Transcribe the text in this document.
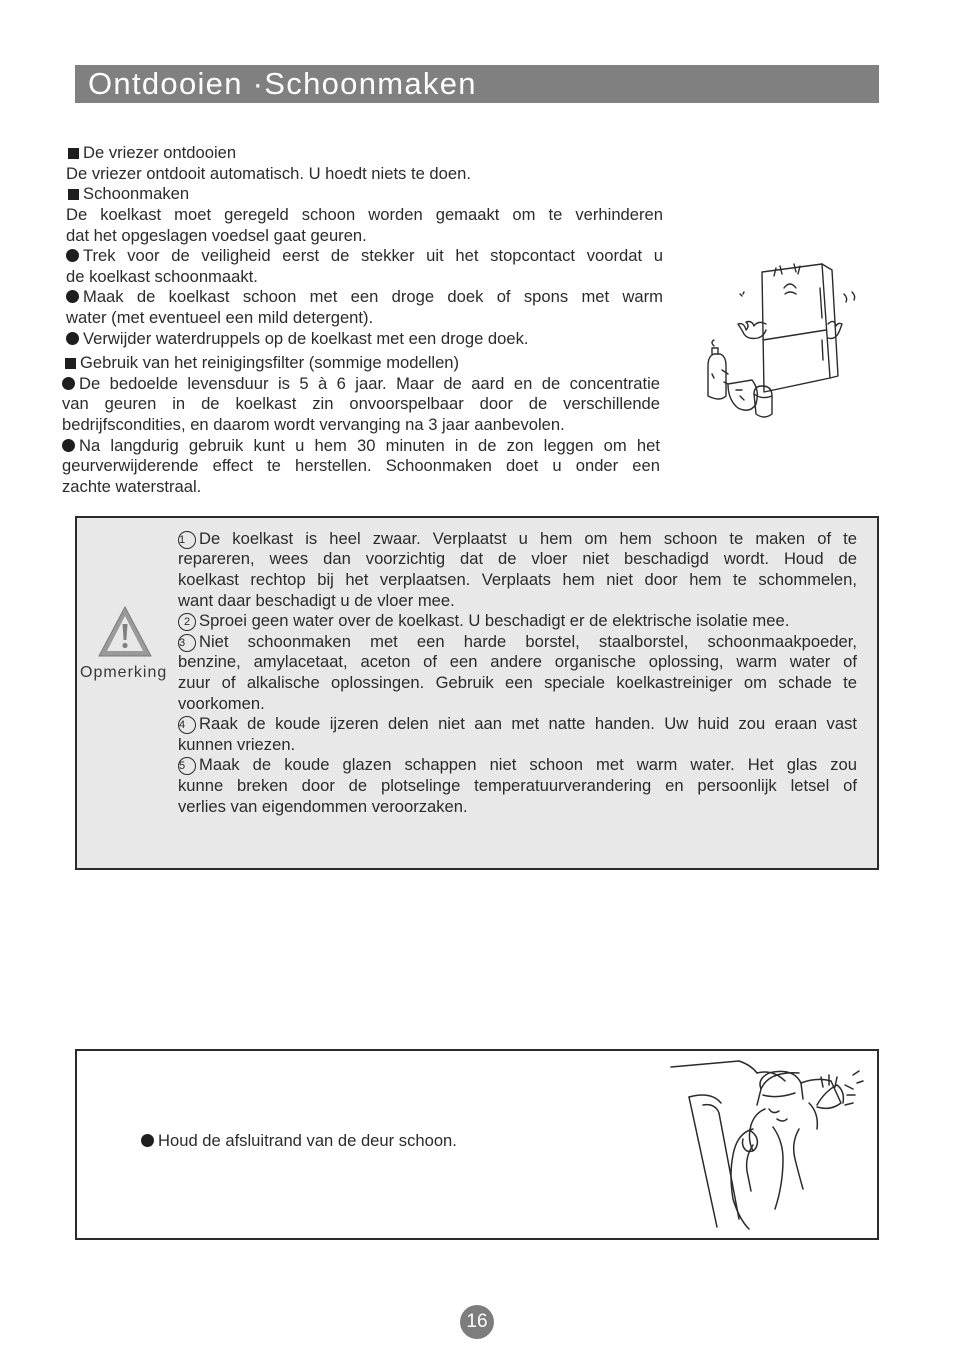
Ontdooien ·Schoonmaken
De vriezer ontdooien
De vriezer ontdooit automatisch. U hoedt niets te doen.
Schoonmaken
De koelkast moet geregeld schoon worden gemaakt om te verhinderen
dat het opgeslagen voedsel gaat geuren.
Trek voor de veiligheid eerst de stekker uit het stopcontact voordat u
de koelkast schoonmaakt.
Maak de koelkast schoon met een droge doek of spons met warm
water (met eventueel een mild detergent).
Verwijder waterdruppels op de koelkast met een droge doek.
Gebruik van het reinigingsfilter (sommige modellen)
De bedoelde levensduur is 5 à 6 jaar. Maar de aard en de concentratie
van geuren in de koelkast zin onvoorspelbaar door de verschillende
bedrijfscondities, en daarom wordt vervanging na 3 jaar aanbevolen.
Na langdurig gebruik kunt u hem 30 minuten in de zon leggen om het
geurverwijderende effect te herstellen. Schoonmaken doet u onder een
zachte waterstraal.
Opmerking
1 De koelkast is heel zwaar. Verplaatst u hem om hem schoon te maken of te
repareren, wees dan voorzichtig dat de vloer niet beschadigd wordt. Houd de
koelkast rechtop bij het verplaatsen. Verplaats hem niet door hem te schommelen,
want daar beschadigt u de vloer mee.
2 Sproei geen water over de koelkast. U beschadigt er de elektrische isolatie mee.
3 Niet schoonmaken met een harde borstel, staalborstel, schoonmaakpoeder,
benzine, amylacetaat, aceton of een andere organische oplossing, warm water of
zuur of alkalische oplossingen. Gebruik een speciale koelkastreiniger om schade te
voorkomen.
4 Raak de koude ijzeren delen niet aan met natte handen. Uw huid zou eraan vast
kunnen vriezen.
5 Maak de koude glazen schappen niet schoon met warm water. Het glas zou
kunne breken door de plotselinge temperatuurverandering en persoonlijk letsel of
verlies van eigendommen veroorzaken.
Houd de afsluitrand van de deur schoon.
16
